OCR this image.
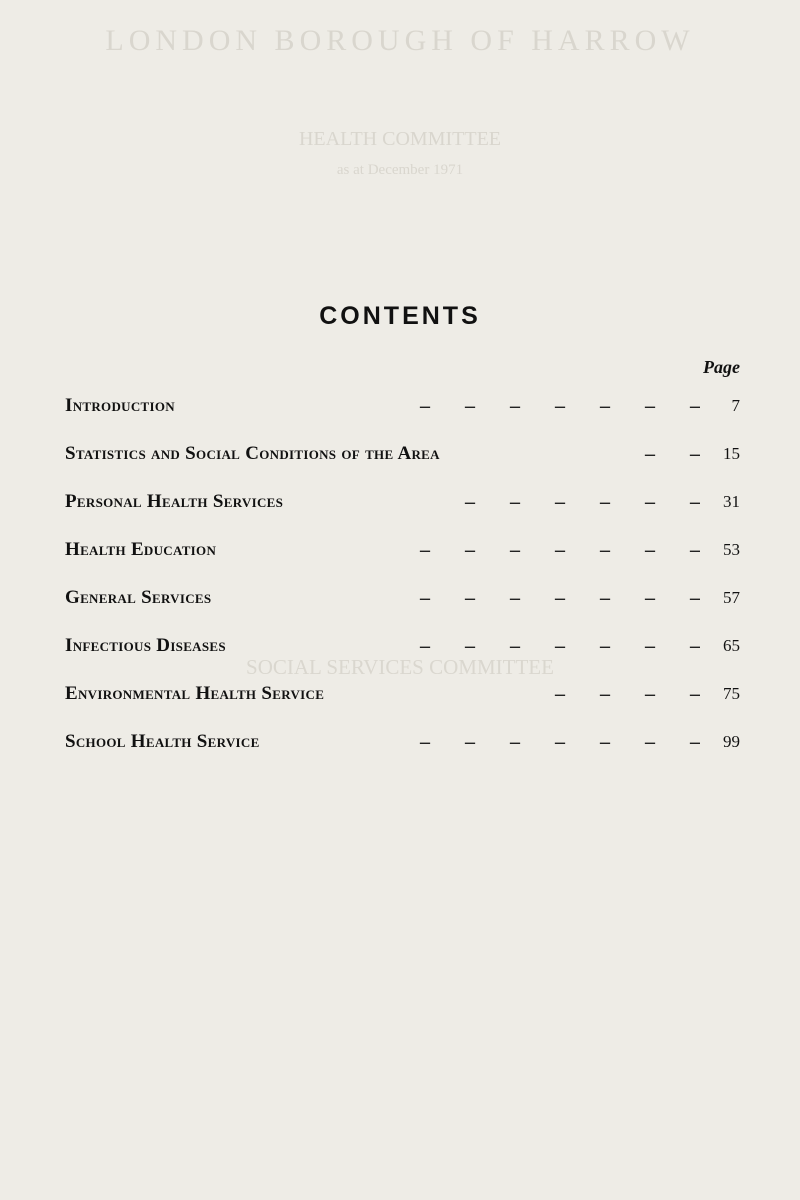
LONDON BOROUGH OF HARROW
HEALTH COMMITTEE
as at December 1971
SOCIAL SERVICES COMMITTEE
CONTENTS
Page
Introduction	–       –       –       –       –       –       –	7
Statistics and Social Conditions of the Area	–       –	15
Personal Health Services	–       –       –       –       –       –	31
Health Education	–       –       –       –       –       –       –	53
General Services	–       –       –       –       –       –       –	57
Infectious Diseases	–       –       –       –       –       –       –	65
Environmental Health Service	–       –       –       –	75
School Health Service	–       –       –       –       –       –       –	99
